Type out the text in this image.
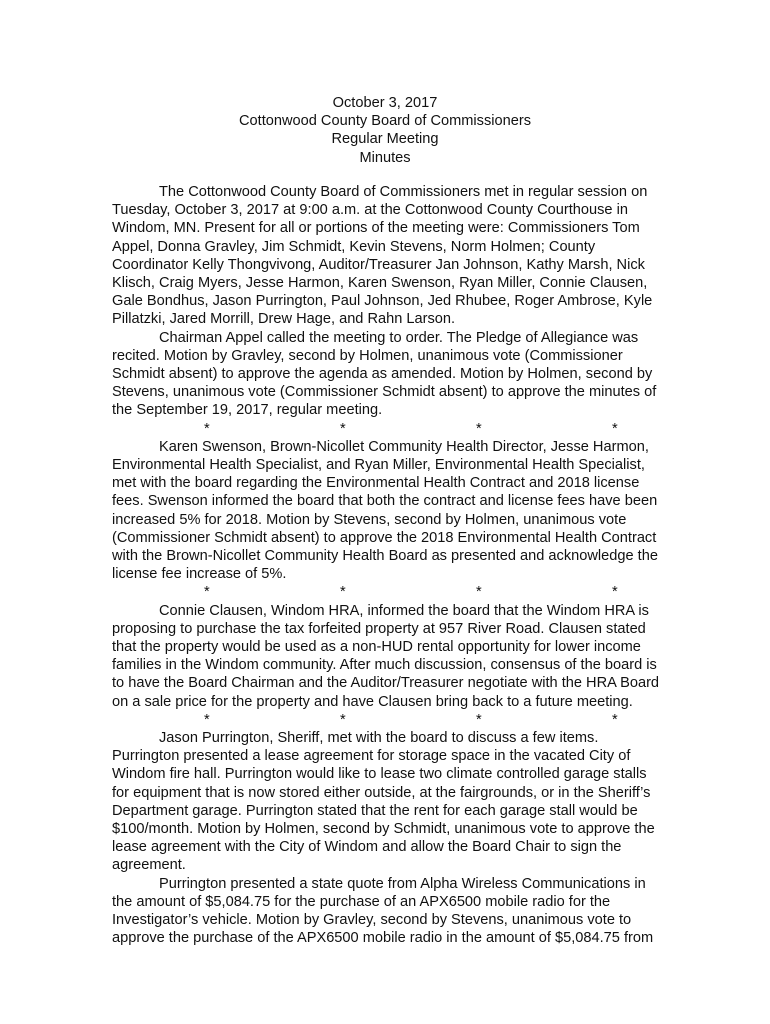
October 3, 2017
Cottonwood County Board of Commissioners
Regular Meeting
Minutes

The Cottonwood County Board of Commissioners met in regular session on Tuesday, October 3, 2017 at 9:00 a.m. at the Cottonwood County Courthouse in Windom, MN. Present for all or portions of the meeting were: Commissioners Tom Appel, Donna Gravley, Jim Schmidt, Kevin Stevens, Norm Holmen; County Coordinator Kelly Thongvivong, Auditor/Treasurer Jan Johnson, Kathy Marsh, Nick Klisch, Craig Myers, Jesse Harmon, Karen Swenson, Ryan Miller, Connie Clausen, Gale Bondhus, Jason Purrington, Paul Johnson, Jed Rhubee, Roger Ambrose, Kyle Pillatzki, Jared Morrill, Drew Hage, and Rahn Larson.

Chairman Appel called the meeting to order. The Pledge of Allegiance was recited. Motion by Gravley, second by Holmen, unanimous vote (Commissioner Schmidt absent) to approve the agenda as amended. Motion by Holmen, second by Stevens, unanimous vote (Commissioner Schmidt absent) to approve the minutes of the September 19, 2017, regular meeting.

*	*	*	*

Karen Swenson, Brown-Nicollet Community Health Director, Jesse Harmon, Environmental Health Specialist, and Ryan Miller, Environmental Health Specialist, met with the board regarding the Environmental Health Contract and 2018 license fees. Swenson informed the board that both the contract and license fees have been increased 5% for 2018. Motion by Stevens, second by Holmen, unanimous vote (Commissioner Schmidt absent) to approve the 2018 Environmental Health Contract with the Brown-Nicollet Community Health Board as presented and acknowledge the license fee increase of 5%.

*	*	*	*

Connie Clausen, Windom HRA, informed the board that the Windom HRA is proposing to purchase the tax forfeited property at 957 River Road. Clausen stated that the property would be used as a non-HUD rental opportunity for lower income families in the Windom community. After much discussion, consensus of the board is to have the Board Chairman and the Auditor/Treasurer negotiate with the HRA Board on a sale price for the property and have Clausen bring back to a future meeting.

*	*	*	*

Jason Purrington, Sheriff, met with the board to discuss a few items. Purrington presented a lease agreement for storage space in the vacated City of Windom fire hall. Purrington would like to lease two climate controlled garage stalls for equipment that is now stored either outside, at the fairgrounds, or in the Sheriff’s Department garage. Purrington stated that the rent for each garage stall would be $100/month. Motion by Holmen, second by Schmidt, unanimous vote to approve the lease agreement with the City of Windom and allow the Board Chair to sign the agreement.

Purrington presented a state quote from Alpha Wireless Communications in the amount of $5,084.75 for the purchase of an APX6500 mobile radio for the Investigator’s vehicle. Motion by Gravley, second by Stevens, unanimous vote to approve the purchase of the APX6500 mobile radio in the amount of $5,084.75 from
